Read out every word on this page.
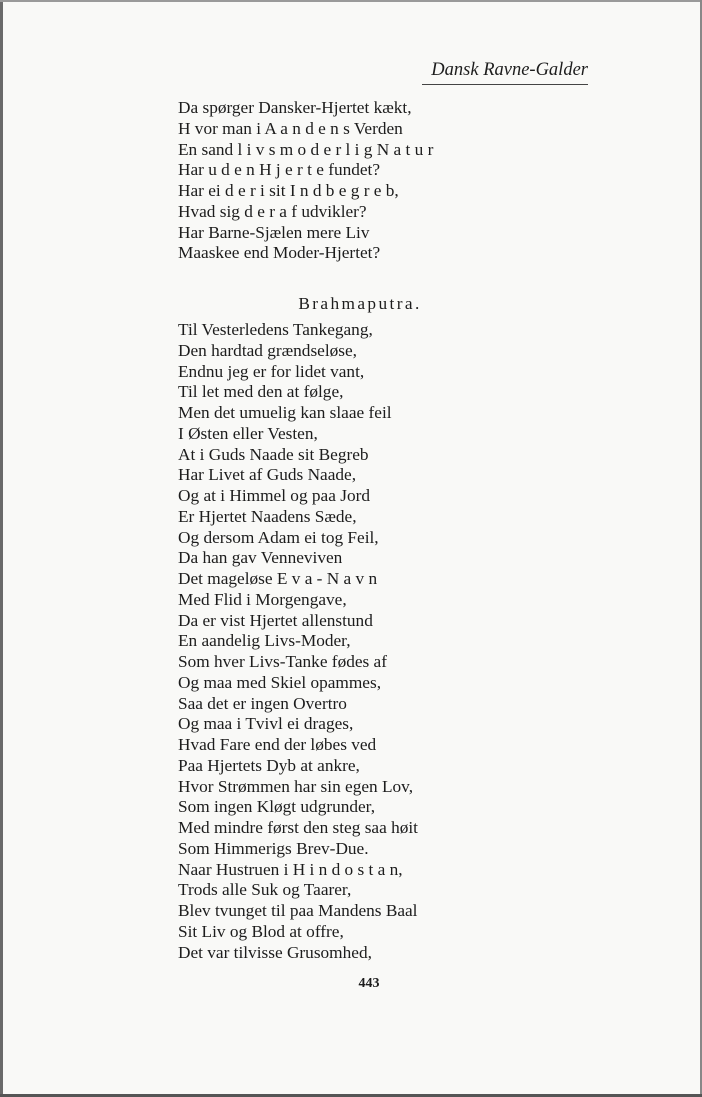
Dansk Ravne-Galder
Da spørger Dansker-Hjertet kækt,
H vor man i A a n d e n s Verden
En sand l i v s m o d e r l i g N a t u r
Har u d e n H j e r t e fundet?
Har ei d e r i sit I n d b e g r e b,
Hvad sig d e r a f udvikler?
Har Barne-Sjælen mere Liv
Maaskee end Moder-Hjertet?
Brahmaputra.
Til Vesterledens Tankegang,
Den hardtad grændseløse,
Endnu jeg er for lidet vant,
Til let med den at følge,
Men det umuelig kan slaae feil
I Østen eller Vesten,
At i Guds Naade sit Begreb
Har Livet af Guds Naade,
Og at i Himmel og paa Jord
Er Hjertet Naadens Sæde,
Og dersom Adam ei tog Feil,
Da han gav Venneviven
Det mageløse E v a - N a v n
Med Flid i Morgengave,
Da er vist Hjertet allenstund
En aandelig Livs-Moder,
Som hver Livs-Tanke fødes af
Og maa med Skiel opammes,
Saa det er ingen Overtro
Og maa i Tvivl ei drages,
Hvad Fare end der løbes ved
Paa Hjertets Dyb at ankre,
Hvor Strømmen har sin egen Lov,
Som ingen Kløgt udgrunder,
Med mindre først den steg saa høit
Som Himmerigs Brev-Due.
Naar Hustruen i H i n d o s t a n,
Trods alle Suk og Taarer,
Blev tvunget til paa Mandens Baal
Sit Liv og Blod at offre,
Det var tilvisse Grusomhed,
443
